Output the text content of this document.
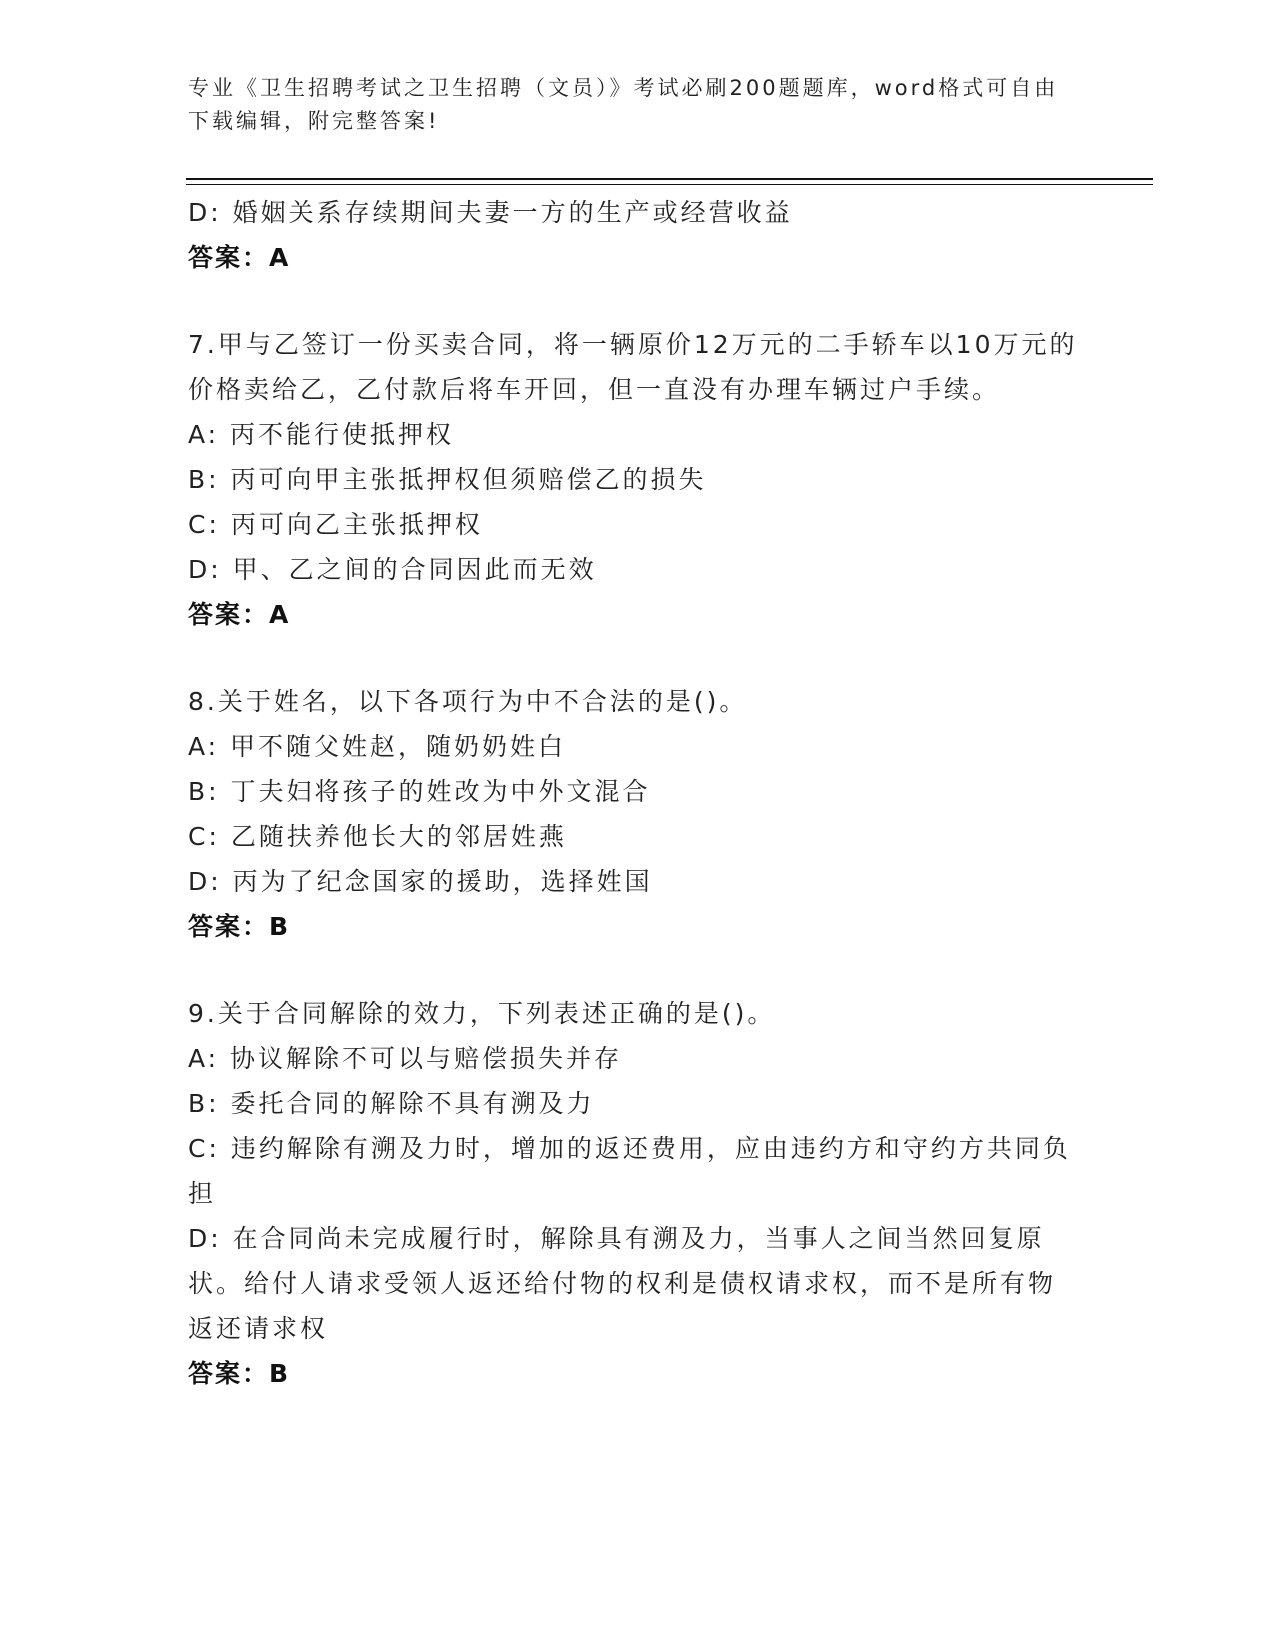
专业《卫生招聘考试之卫生招聘（文员）》考试必刷200题题库，word格式可自由下载编辑，附完整答案!
D: 婚姻关系存续期间夫妻一方的生产或经营收益
答案：A
7.甲与乙签订一份买卖合同，将一辆原价12万元的二手轿车以10万元的价格卖给乙，乙付款后将车开回，但一直没有办理车辆过户手续。
A: 丙不能行使抵押权
B: 丙可向甲主张抵押权但须赔偿乙的损失
C: 丙可向乙主张抵押权
D: 甲、乙之间的合同因此而无效
答案：A
8.关于姓名，以下各项行为中不合法的是()。
A: 甲不随父姓赵，随奶奶姓白
B: 丁夫妇将孩子的姓改为中外文混合
C: 乙随扶养他长大的邻居姓燕
D: 丙为了纪念国家的援助，选择姓国
答案：B
9.关于合同解除的效力，下列表述正确的是()。
A: 协议解除不可以与赔偿损失并存
B: 委托合同的解除不具有溯及力
C: 违约解除有溯及力时，增加的返还费用，应由违约方和守约方共同负担
D: 在合同尚未完成履行时，解除具有溯及力，当事人之间当然回复原状。给付人请求受领人返还给付物的权利是债权请求权，而不是所有物返还请求权
答案：B
